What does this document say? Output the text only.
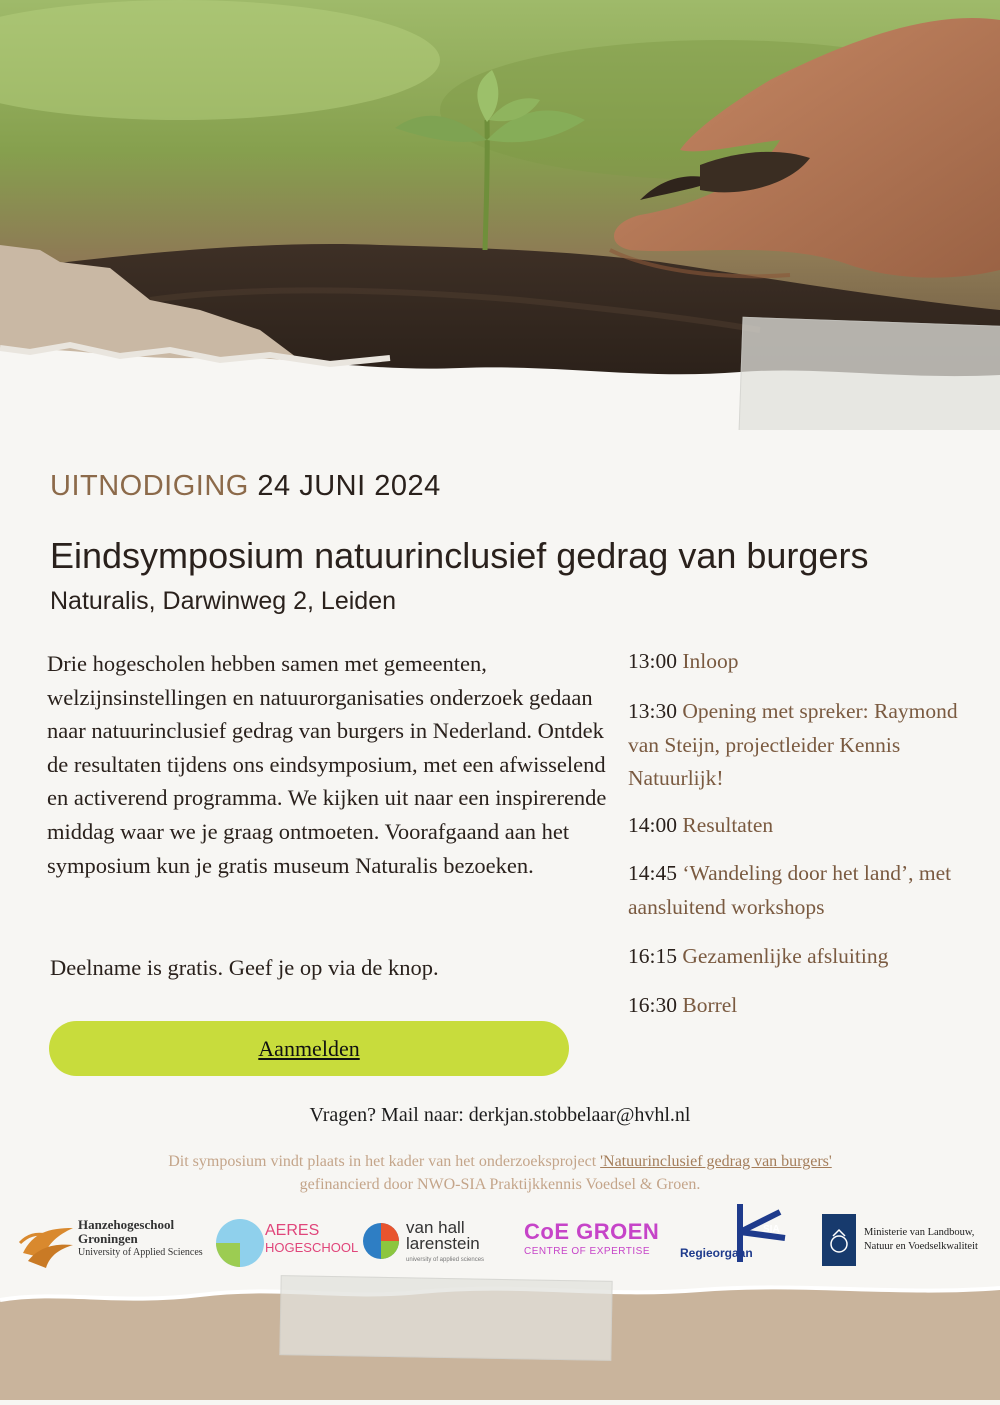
UITNODIGING 24 JUNI 2024
Eindsymposium natuurinclusief gedrag van burgers
Naturalis, Darwinweg 2, Leiden

Drie hogescholen hebben samen met gemeenten, welzijnsinstellingen en natuurorganisaties onderzoek gedaan naar natuurinclusief gedrag van burgers in Nederland. Ontdek de resultaten tijdens ons eindsymposium, met een afwisselend en activerend programma. We kijken uit naar een inspirerende middag waar we je graag ontmoeten. Voorafgaand aan het symposium kun je gratis museum Naturalis bezoeken.

Deelname is gratis. Geef je op via de knop.
Aanmelden
13:00 Inloop
13:30 Opening met spreker: Raymond van Steijn, projectleider Kennis Natuurlijk!
14:00 Resultaten
14:45 ‘Wandeling door het land’, met aansluitend workshops
16:15 Gezamenlijke afsluiting
16:30 Borrel
Vragen? Mail naar: derkjan.stobbelaar@hvhl.nl
Dit symposium vindt plaats in het kader van het onderzoeksproject 'Natuurinclusief gedrag van burgers'
gefinancierd door NWO-SIA Praktijkkennis Voedsel & Groen.
Hanzehogeschool
Groningen
University of Applied Sciences
AERES
HOGESCHOOL
van hall
larenstein
university of applied sciences
CoE GROEN
CENTRE OF EXPERTISE
SIA
Regieorgaan
Ministerie van Landbouw,
Natuur en Voedselkwaliteit
